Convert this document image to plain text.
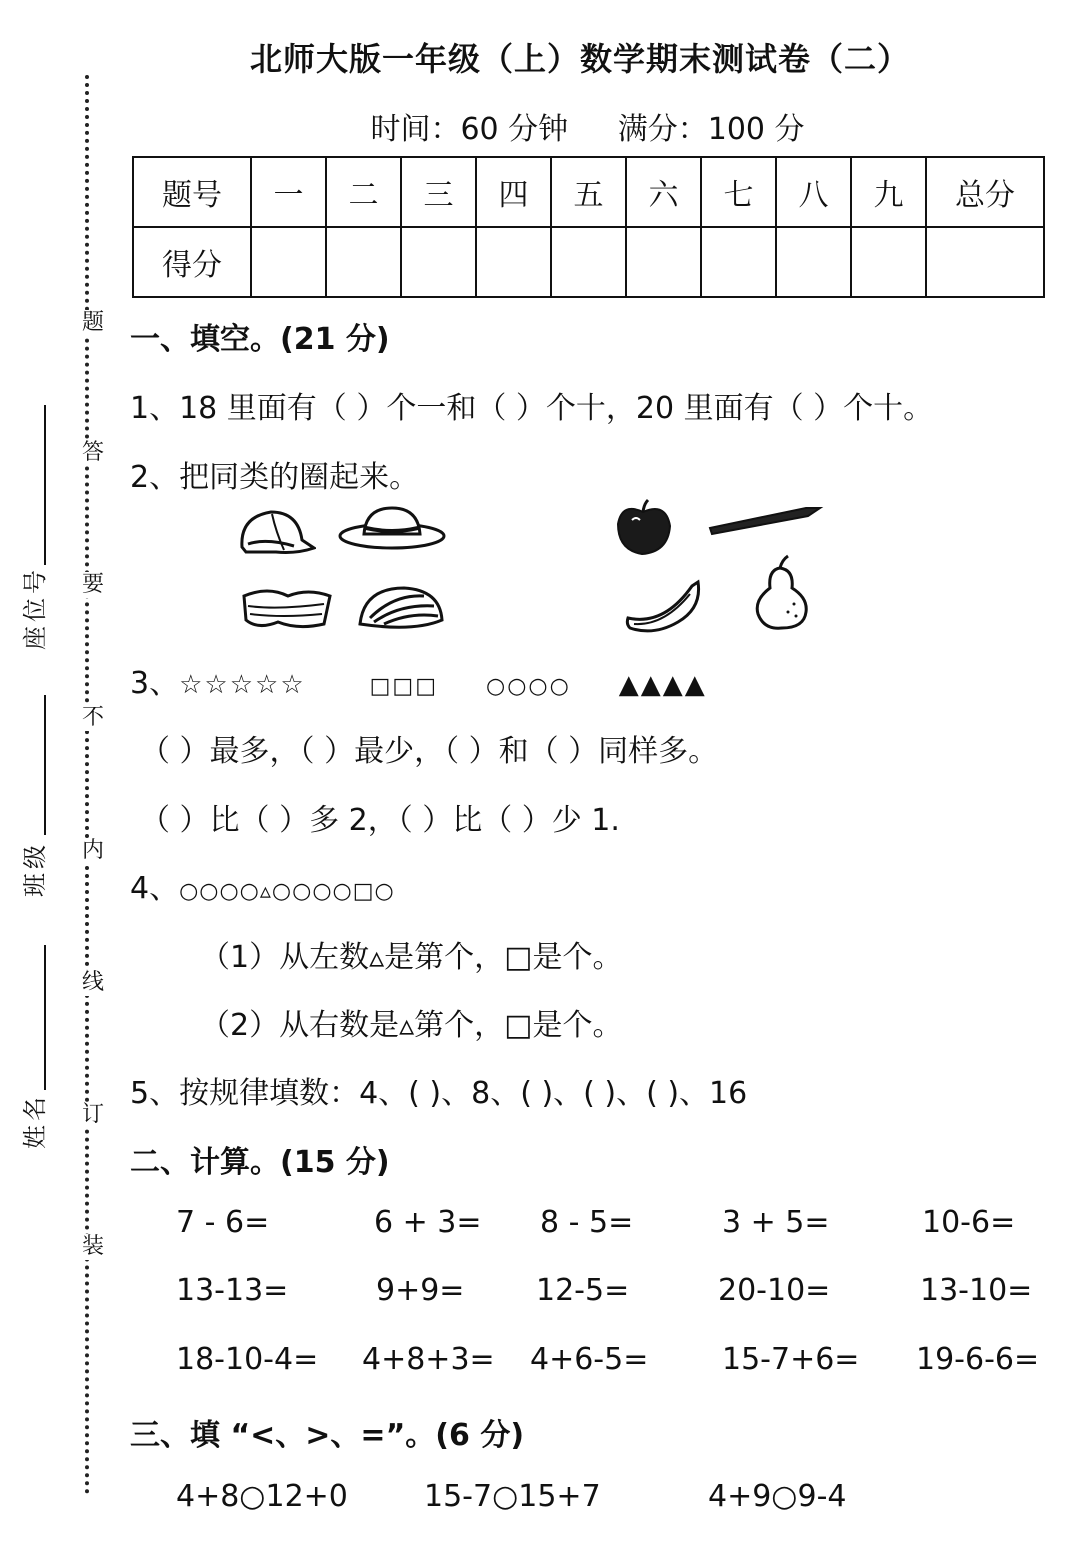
北师大版一年级（上）数学期末测试卷（二）
时间：60 分钟 满分：100 分
题
答
要
不
内
线
订
装
座
位
号
班
级
姓
名
题号	一	二	三	四	五	六	七	八	九	总分
得分										
一、填空。(21 分)
1、18 里面有（ ）个一和（ ）个十，20 里面有（ ）个十。
2、把同类的圈起来。
3、☆☆☆☆☆	□□□ ○○○○ ▲▲▲▲
（ ）最多，（ ）最少，（ ）和（ ）同样多。
（ ）比（ ）多 2，（ ）比（ ）少 1.
4、○○○○▵○○○○□○
（1）从左数▵是第个，□是个。
（2）从右数是▵第个，□是个。
5、按规律填数：4、( )、8、( )、( )、( )、16
二、计算。(15 分)
7 - 6=	6 + 3= 8 - 5=	3 + 5=	10-6=
13-13=	9+9= 12-5=	20-10=	13-10=
18-10-4= 4+8+3= 4+6-5= 15-7+6= 19-6-6=
三、填 “<、>、=”。(6 分)
4+8○12+0	15-7○15+7	4+9○9-4
